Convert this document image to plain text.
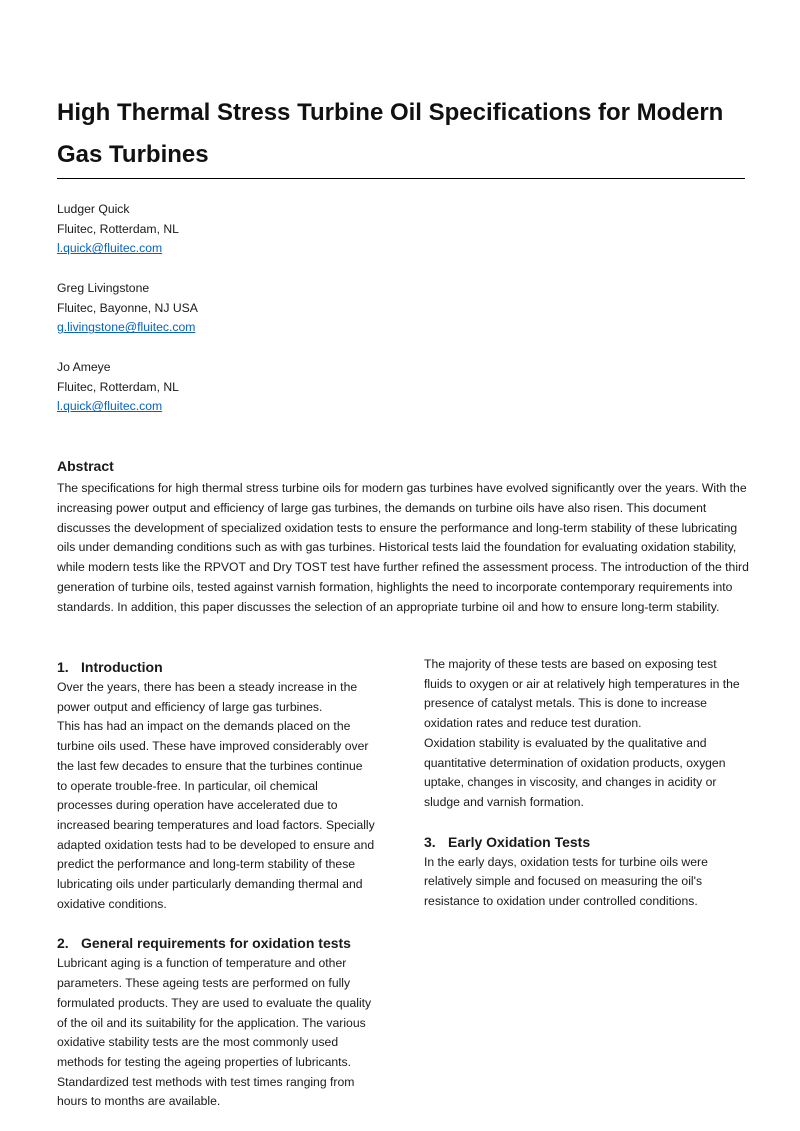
High Thermal Stress Turbine Oil Specifications for Modern Gas Turbines
Ludger Quick
Fluitec, Rotterdam, NL
l.quick@fluitec.com
Greg Livingstone
Fluitec, Bayonne, NJ USA
g.livingstone@fluitec.com
Jo Ameye
Fluitec, Rotterdam, NL
l.quick@fluitec.com
Abstract

The specifications for high thermal stress turbine oils for modern gas turbines have evolved significantly over the years. With the increasing power output and efficiency of large gas turbines, the demands on turbine oils have also risen. This document discusses the development of specialized oxidation tests to ensure the performance and long-term stability of these lubricating oils under demanding conditions such as with gas turbines. Historical tests laid the foundation for evaluating oxidation stability, while modern tests like the RPVOT and Dry TOST test have further refined the assessment process. The introduction of the third generation of turbine oils, tested against varnish formation, highlights the need to incorporate contemporary requirements into standards. In addition, this paper discusses the selection of an appropriate turbine oil and how to ensure long-term stability.

1. Introduction

Over the years, there has been a steady increase in the power output and efficiency of large gas turbines.

This has had an impact on the demands placed on the turbine oils used. These have improved considerably over the last few decades to ensure that the turbines continue to operate trouble-free. In particular, oil chemical processes during operation have accelerated due to increased bearing temperatures and load factors. Specially adapted oxidation tests had to be developed to ensure and predict the performance and long-term stability of these lubricating oils under particularly demanding thermal and oxidative conditions.

2. General requirements for oxidation tests

Lubricant aging is a function of temperature and other parameters. These ageing tests are performed on fully formulated products. They are used to evaluate the quality of the oil and its suitability for the application. The various oxidative stability tests are the most commonly used methods for testing the ageing properties of lubricants. Standardized test methods with test times ranging from hours to months are available.

The majority of these tests are based on exposing test fluids to oxygen or air at relatively high temperatures in the presence of catalyst metals. This is done to increase oxidation rates and reduce test duration.

Oxidation stability is evaluated by the qualitative and quantitative determination of oxidation products, oxygen uptake, changes in viscosity, and changes in acidity or sludge and varnish formation.

3. Early Oxidation Tests

In the early days, oxidation tests for turbine oils were relatively simple and focused on measuring the oil's resistance to oxidation under controlled conditions.
